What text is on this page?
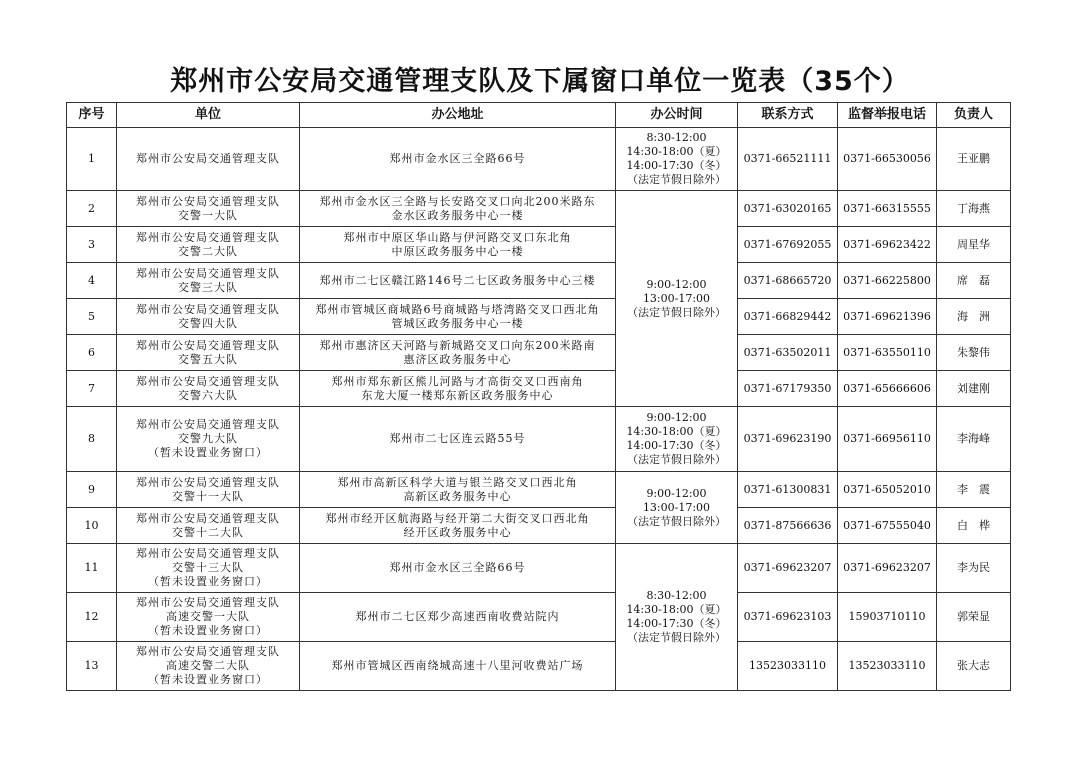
郑州市公安局交通管理支队及下属窗口单位一览表（35个）
序号	单位	办公地址	办公时间	联系方式	监督举报电话	负责人
1	郑州市公安局交通管理支队	郑州市金水区三全路66号	8:30-12:00
14:30-18:00（夏）
14:00-17:30（冬）
（法定节假日除外）	0371-66521111	0371-66530056	王亚鹏
2	郑州市公安局交通管理支队
交警一大队	郑州市金水区三全路与长安路交叉口向北200米路东
金水区政务服务中心一楼	9:00-12:00
13:00-17:00
（法定节假日除外）	0371-63020165	0371-66315555	丁海燕
3	郑州市公安局交通管理支队
交警二大队	郑州市中原区华山路与伊河路交叉口东北角
中原区政务服务中心一楼		0371-67692055	0371-69623422	周星华
4	郑州市公安局交通管理支队
交警三大队	郑州市二七区赣江路146号二七区政务服务中心三楼		0371-68665720	0371-66225800	席　磊
5	郑州市公安局交通管理支队
交警四大队	郑州市管城区商城路6号商城路与塔湾路交叉口西北角
管城区政务服务中心一楼		0371-66829442	0371-69621396	海　洲
6	郑州市公安局交通管理支队
交警五大队	郑州市惠济区天河路与新城路交叉口向东200米路南
惠济区政务服务中心		0371-63502011	0371-63550110	朱黎伟
7	郑州市公安局交通管理支队
交警六大队	郑州市郑东新区熊儿河路与才高街交叉口西南角
东龙大厦一楼郑东新区政务服务中心		0371-67179350	0371-65666606	刘建刚
8	郑州市公安局交通管理支队
交警九大队
（暂未设置业务窗口）	郑州市二七区连云路55号	9:00-12:00
14:30-18:00（夏）
14:00-17:30（冬）
（法定节假日除外）	0371-69623190	0371-66956110	李海峰
9	郑州市公安局交通管理支队
交警十一大队	郑州市高新区科学大道与银兰路交叉口西北角
高新区政务服务中心	9:00-12:00
13:00-17:00
（法定节假日除外）	0371-61300831	0371-65052010	李　震
10	郑州市公安局交通管理支队
交警十二大队	郑州市经开区航海路与经开第二大街交叉口西北角
经开区政务服务中心		0371-87566636	0371-67555040	白　桦
11	郑州市公安局交通管理支队
交警十三大队
（暂未设置业务窗口）	郑州市金水区三全路66号	8:30-12:00
14:30-18:00（夏）
14:00-17:30（冬）
（法定节假日除外）	0371-69623207	0371-69623207	李为民
12	郑州市公安局交通管理支队
高速交警一大队
（暂未设置业务窗口）	郑州市二七区郑少高速西南收费站院内		0371-69623103	15903710110	郭荣显
13	郑州市公安局交通管理支队
高速交警二大队
（暂未设置业务窗口）	郑州市管城区西南绕城高速十八里河收费站广场		13523033110	13523033110	张大志
